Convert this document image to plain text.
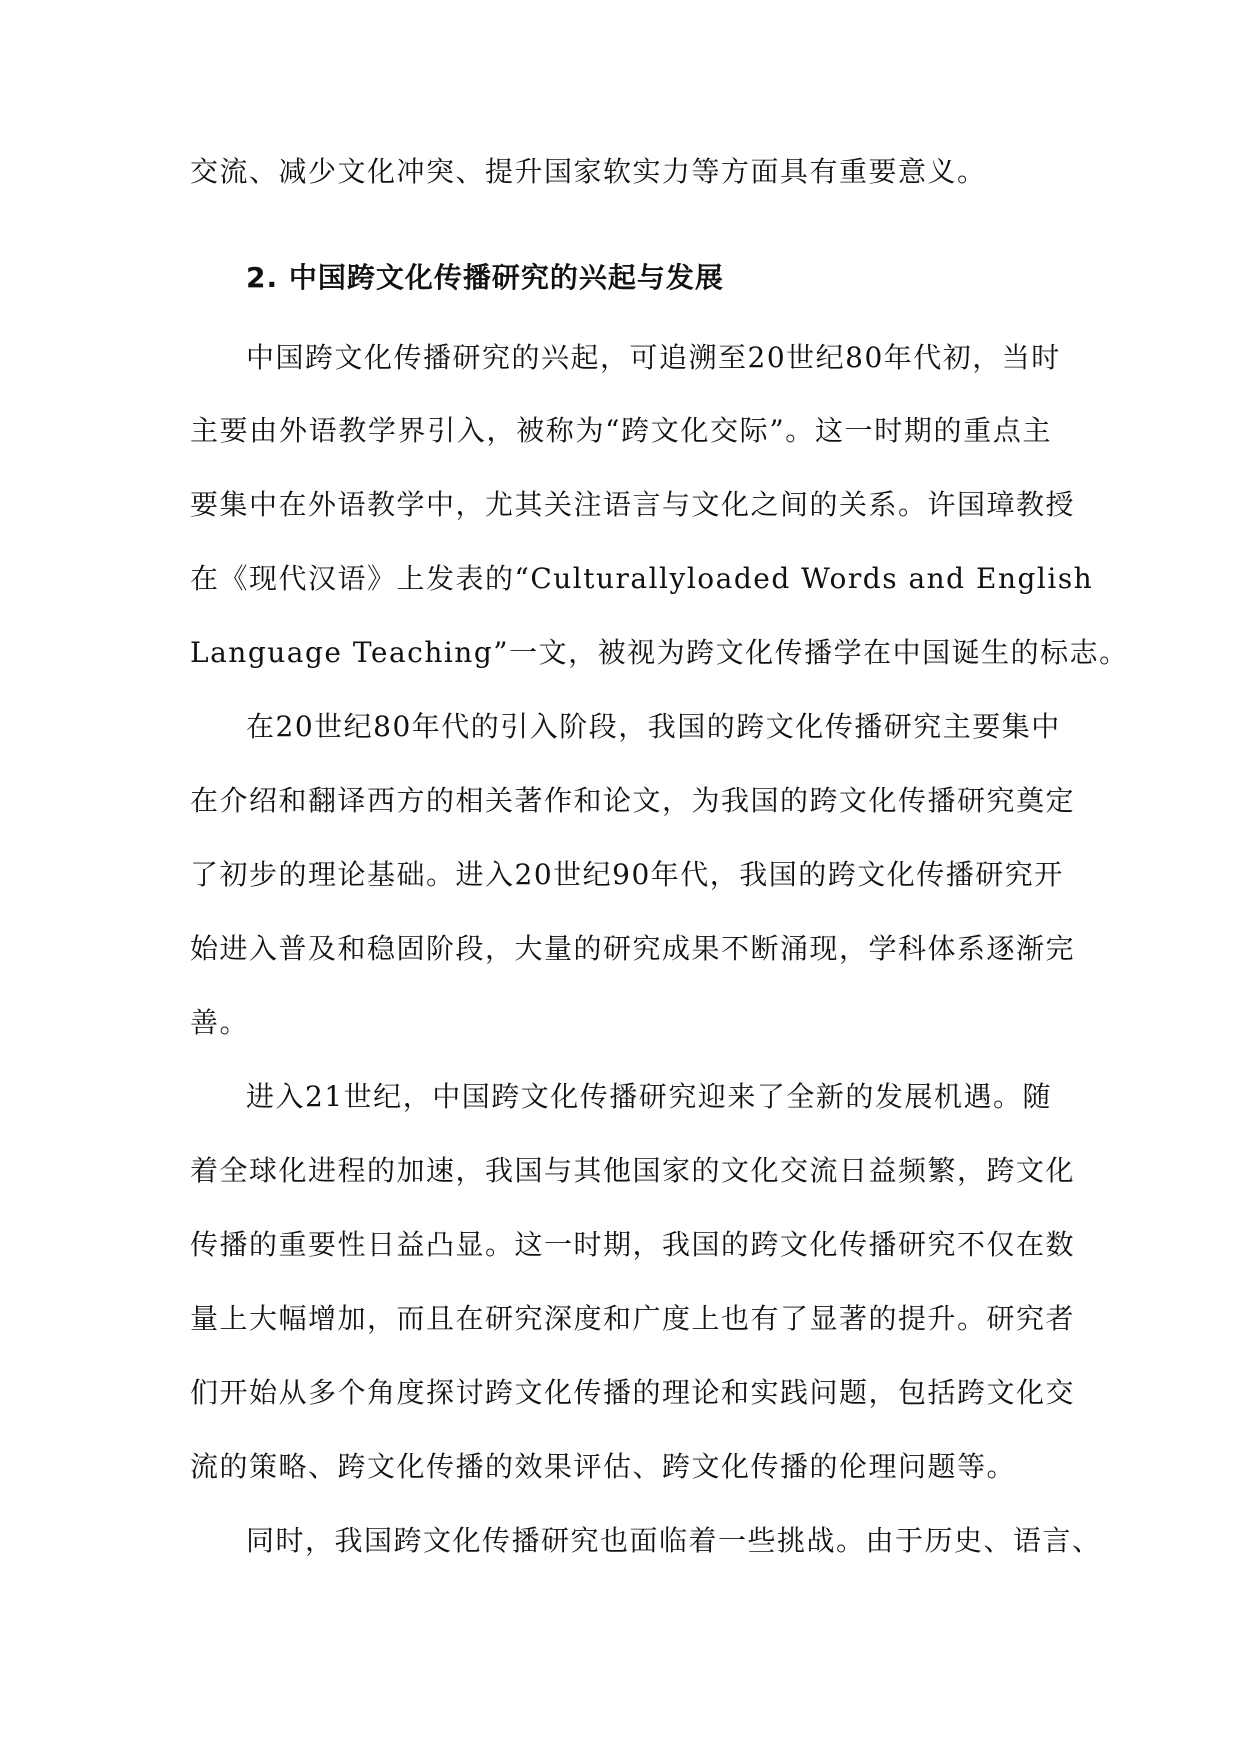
交流、减少文化冲突、提升国家软实力等方面具有重要意义。
2. 中国跨文化传播研究的兴起与发展
中国跨文化传播研究的兴起，可追溯至20世纪80年代初，当时
主要由外语教学界引入，被称为“跨文化交际”。这一时期的重点主
要集中在外语教学中，尤其关注语言与文化之间的关系。许国璋教授
在《现代汉语》上发表的“Culturallyloaded Words and English
Language Teaching”一文，被视为跨文化传播学在中国诞生的标志。
在20世纪80年代的引入阶段，我国的跨文化传播研究主要集中
在介绍和翻译西方的相关著作和论文，为我国的跨文化传播研究奠定
了初步的理论基础。进入20世纪90年代，我国的跨文化传播研究开
始进入普及和稳固阶段，大量的研究成果不断涌现，学科体系逐渐完
善。
进入21世纪，中国跨文化传播研究迎来了全新的发展机遇。随
着全球化进程的加速，我国与其他国家的文化交流日益频繁，跨文化
传播的重要性日益凸显。这一时期，我国的跨文化传播研究不仅在数
量上大幅增加，而且在研究深度和广度上也有了显著的提升。研究者
们开始从多个角度探讨跨文化传播的理论和实践问题，包括跨文化交
流的策略、跨文化传播的效果评估、跨文化传播的伦理问题等。
同时，我国跨文化传播研究也面临着一些挑战。由于历史、语言、
